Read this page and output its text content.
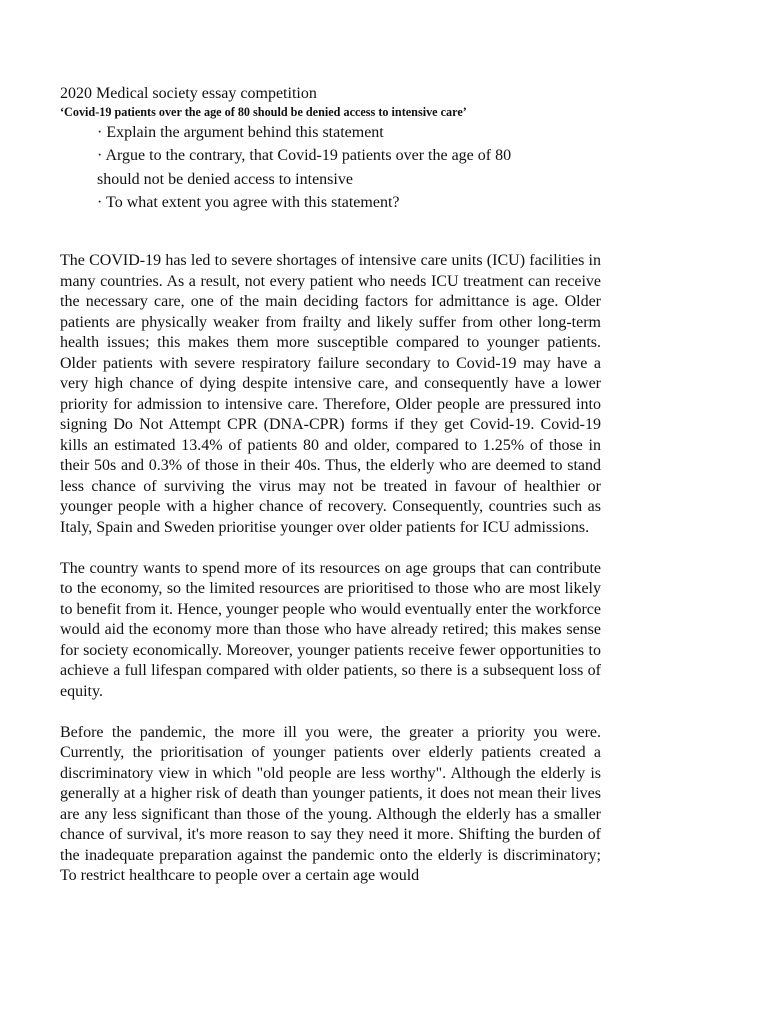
2020 Medical society essay competition
‘Covid-19 patients over the age of 80 should be denied access to intensive care’
· Explain the argument behind this statement
· Argue to the contrary, that Covid-19 patients over the age of 80
should not be denied access to intensive
· To what extent you agree with this statement?

The COVID-19 has led to severe shortages of intensive care units (ICU) facilities in many countries. As a result, not every patient who needs ICU treatment can receive the necessary care, one of the main deciding factors for admittance is age. Older patients are physically weaker from frailty and likely suffer from other long-term health issues; this makes them more susceptible compared to younger patients. Older patients with severe respiratory failure secondary to Covid-19 may have a very high chance of dying despite intensive care, and consequently have a lower priority for admission to intensive care. Therefore, Older people are pressured into signing Do Not Attempt CPR (DNA-CPR) forms if they get Covid-19. Covid-19 kills an estimated 13.4% of patients 80 and older, compared to 1.25% of those in their 50s and 0.3% of those in their 40s. Thus, the elderly who are deemed to stand less chance of surviving the virus may not be treated in favour of healthier or younger people with a higher chance of recovery. Consequently, countries such as Italy, Spain and Sweden prioritise younger over older patients for ICU admissions.

The country wants to spend more of its resources on age groups that can contribute to the economy, so the limited resources are prioritised to those who are most likely to benefit from it. Hence, younger people who would eventually enter the workforce would aid the economy more than those who have already retired; this makes sense for society economically. Moreover, younger patients receive fewer opportunities to achieve a full lifespan compared with older patients, so there is a subsequent loss of equity.

Before the pandemic, the more ill you were, the greater a priority you were. Currently, the prioritisation of younger patients over elderly patients created a discriminatory view in which "old people are less worthy". Although the elderly is generally at a higher risk of death than younger patients, it does not mean their lives are any less significant than those of the young. Although the elderly has a smaller chance of survival, it's more reason to say they need it more. Shifting the burden of the inadequate preparation against the pandemic onto the elderly is discriminatory; To restrict healthcare to people over a certain age would
